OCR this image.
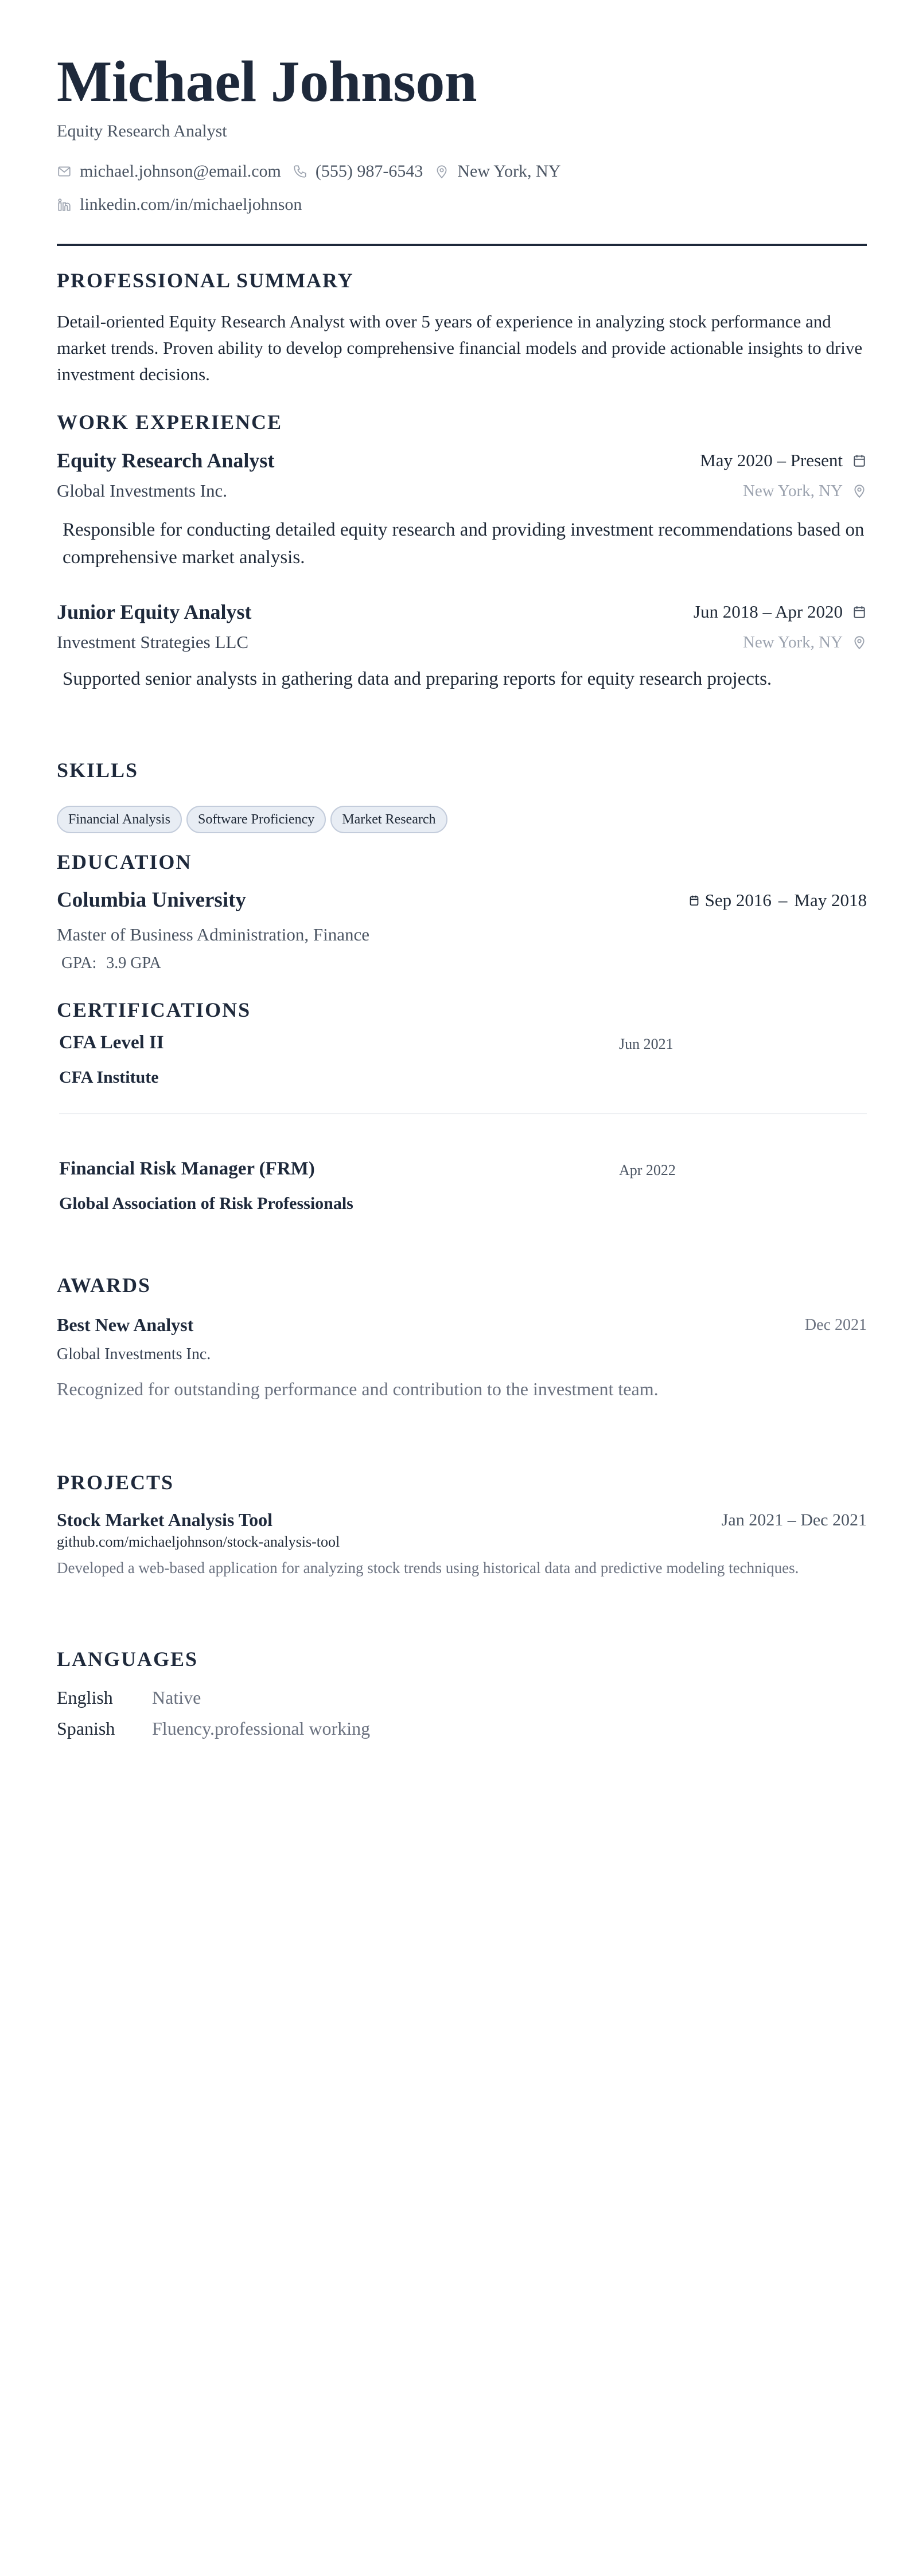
Michael Johnson
Equity Research Analyst
michael.johnson@email.com (555) 987-6543 New York, NY
linkedin.com/in/michaeljohnson
PROFESSIONAL SUMMARY
Detail-oriented Equity Research Analyst with over 5 years of experience in analyzing stock performance and market trends. Proven ability to develop comprehensive financial models and provide actionable insights to drive investment decisions.
WORK EXPERIENCE
Equity Research Analyst	May 2020 – Present
Global Investments Inc.	New York, NY
Responsible for conducting detailed equity research and providing investment recommendations based on comprehensive market analysis.
Junior Equity Analyst	Jun 2018 – Apr 2020
Investment Strategies LLC	New York, NY
Supported senior analysts in gathering data and preparing reports for equity research projects.
SKILLS
Financial Analysis	Software Proficiency	Market Research
EDUCATION
Columbia University	Sep 2016 – May 2018
Master of Business Administration, Finance
GPA: 3.9 GPA
CERTIFICATIONS
CFA Level II	Jun 2021
CFA Institute
Financial Risk Manager (FRM)	Apr 2022
Global Association of Risk Professionals
AWARDS
Best New Analyst	Dec 2021
Global Investments Inc.
Recognized for outstanding performance and contribution to the investment team.
PROJECTS
Stock Market Analysis Tool	Jan 2021 – Dec 2021
github.com/michaeljohnson/stock-analysis-tool
Developed a web-based application for analyzing stock trends using historical data and predictive modeling techniques.
LANGUAGES
English	Native
Spanish	Fluency.professional working
